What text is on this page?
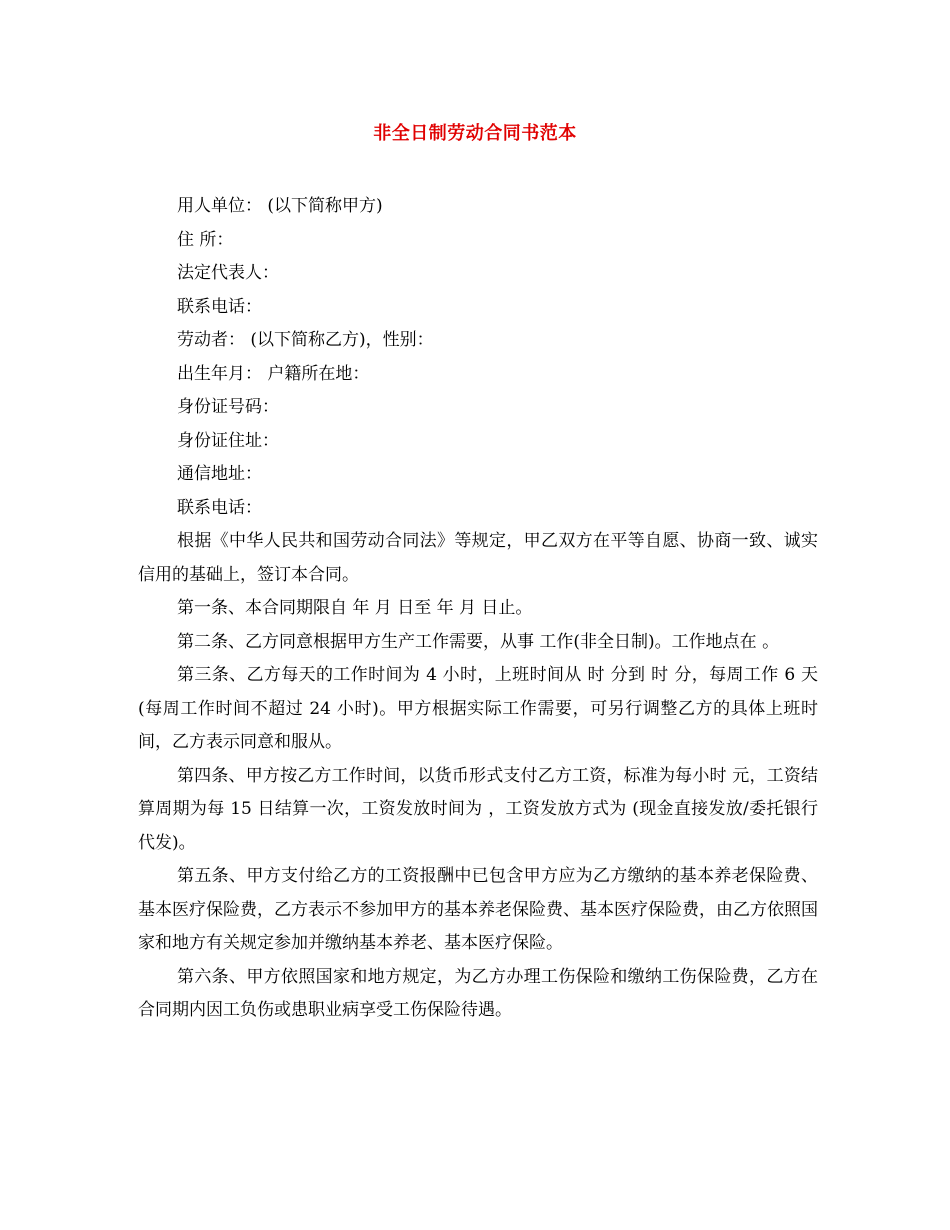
非全日制劳动合同书范本

用人单位： (以下简称甲方)

住 所：

法定代表人：

联系电话：

劳动者： (以下简称乙方)，性别：

出生年月： 户籍所在地：

身份证号码：

身份证住址：

通信地址：

联系电话：

根据《中华人民共和国劳动合同法》等规定，甲乙双方在平等自愿、协商一致、诚实信用的基础上，签订本合同。

第一条、本合同期限自 年 月 日至 年 月 日止。

第二条、乙方同意根据甲方生产工作需要，从事 工作(非全日制)。工作地点在 。

第三条、乙方每天的工作时间为 4 小时，上班时间从 时 分到 时 分，每周工作 6 天(每周工作时间不超过 24 小时)。甲方根据实际工作需要，可另行调整乙方的具体上班时间，乙方表示同意和服从。

第四条、甲方按乙方工作时间，以货币形式支付乙方工资，标准为每小时 元，工资结算周期为每 15 日结算一次，工资发放时间为 ，工资发放方式为 (现金直接发放/委托银行代发)。

第五条、甲方支付给乙方的工资报酬中已包含甲方应为乙方缴纳的基本养老保险费、基本医疗保险费，乙方表示不参加甲方的基本养老保险费、基本医疗保险费，由乙方依照国家和地方有关规定参加并缴纳基本养老、基本医疗保险。

第六条、甲方依照国家和地方规定，为乙方办理工伤保险和缴纳工伤保险费，乙方在合同期内因工负伤或患职业病享受工伤保险待遇。
